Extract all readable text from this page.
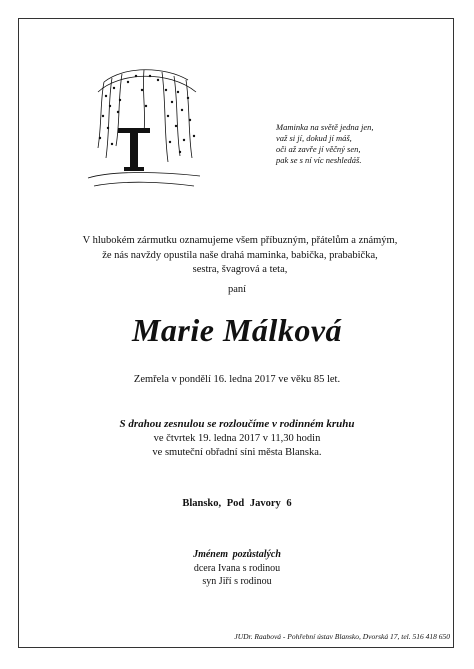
Maminka na světě jedna jen,
važ si jí, dokud jí máš,
oči až zavře jí věčný sen,
pak se s ní víc neshledáš.
V hlubokém zármutku oznamujeme všem příbuzným, přátelům a známým,
že nás navždy opustila naše drahá maminka, babička, prababička,
sestra, švagrová a teta,
paní
Marie Málková
Zemřela v pondělí 16. ledna 2017 ve věku 85 let.
S drahou zesnulou se rozloučíme v rodinném kruhu
ve čtvrtek 19. ledna 2017 v 11,30 hodin
ve smuteční obřadní síni města Blanska.
Blansko, Pod Javory 6
Jménem pozůstalých
dcera Ivana s rodinou
syn Jiří s rodinou
JUDr. Raabová - Pohřební ústav Blansko, Dvorská 17, tel. 516 418 650
